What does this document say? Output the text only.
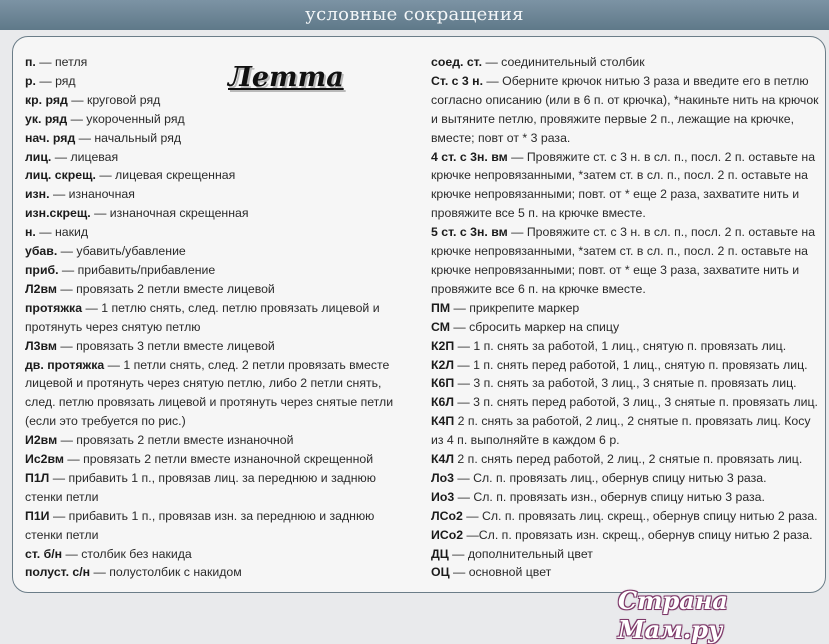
условные сокращения

п. — петля

р. — ряд

кр. ряд — круговой ряд

ук. ряд — укороченный ряд

нач. ряд — начальный ряд

лиц. — лицевая

лиц. скрещ. — лицевая скрещенная

изн. — изнаночная

изн.скрещ. — изнаночная скрещенная

н. — накид

убав. — убавить/убавление

приб. — прибавить/прибавление

Л2вм — провязать 2 петли вместе лицевой

протяжка — 1 петлю снять, след. петлю провязать лицевой и протянуть через снятую петлю

Л3вм — провязать 3 петли вместе лицевой

дв. протяжка — 1 петли снять, след. 2 петли провязать вместе лицевой и протянуть через снятую петлю, либо 2 петли снять, след. петлю провязать лицевой и протянуть через снятые петли (если это требуется по рис.)

И2вм — провязать 2 петли вместе изнаночной

Ис2вм — провязать 2 петли вместе изнаночной скрещенной

П1Л — прибавить 1 п., провязав лиц. за переднюю и заднюю стенки петли

П1И — прибавить 1 п., провязав изн. за переднюю и заднюю стенки петли

ст. б/н — столбик без накида

полуст. с/н — полустолбик с накидом

соед. ст. — соединительный столбик

Ст. с 3 н. — Оберните крючок нитью 3 раза и введите его в петлю согласно описанию (или в 6 п. от крючка), *накиньте нить на крючок и вытяните петлю, провяжите первые 2 п., лежащие на крючке, вместе; повт от * 3 раза.

4 ст. с 3н. вм — Провяжите ст. с 3 н. в сл. п., посл. 2 п. оставьте на крючке непровязанными, *затем ст. в сл. п., посл. 2 п. оставьте на крючке непровязанными; повт. от * еще 2 раза, захватите нить и провяжите все 5 п. на крючке вместе.

5 ст. с 3н. вм — Провяжите ст. с 3 н. в сл. п., посл. 2 п. оставьте на крючке непровязанными, *затем ст. в сл. п., посл. 2 п. оставьте на крючке непровязанными; повт. от * еще 3 раза, захватите нить и провяжите все 6 п. на крючке вместе.

ПМ — прикрепите маркер

СМ — сбросить маркер на спицу

К2П — 1 п. снять за работой, 1 лиц., снятую п. провязать лиц.

К2Л — 1 п. снять перед работой, 1 лиц., снятую п. провязать лиц.

К6П — 3 п. снять за работой, 3 лиц., 3 снятые п. провязать лиц.

К6Л — 3 п. снять перед работой, 3 лиц., 3 снятые п. провязать лиц.

К4П 2 п. снять за работой, 2 лиц., 2 снятые п. провязать лиц. Косу из 4 п. выполняйте в каждом 6 р.

К4Л 2 п. снять перед работой, 2 лиц., 2 снятые п. провязать лиц.

Ло3 — Сл. п. провязать лиц., обернув спицу нитью 3 раза.

Ио3 — Сл. п. провязать изн., обернув спицу нитью 3 раза.

ЛСо2 — Сл. п. провязать лиц. скрещ., обернув спицу нитью 2 раза.

ИСо2 —Сл. п. провязать изн. скрещ., обернув спицу нитью 2 раза.

ДЦ — дополнительный цвет

ОЦ — основной цвет

Летта
Страна Мам.ру
